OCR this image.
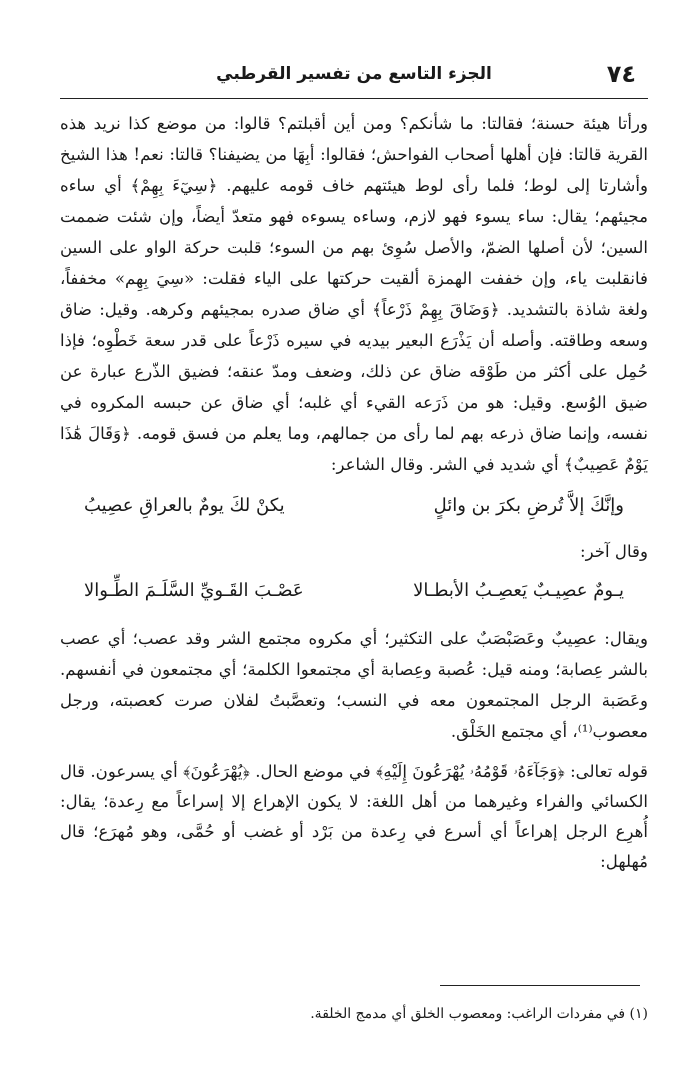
٧٤
الجزء التاسع من تفسير القرطبي

ورأتا هيئة حسنة؛ فقالتا: ما شأنكم؟ ومن أين أقبلتم؟ قالوا: من موضع كذا نريد هذه القرية قالتا: فإن أهلها أصحاب الفواحش؛ فقالوا: أبِهَا من يضيفنا؟ قالتا: نعم! هذا الشيخ وأشارتا إلى لوط؛ فلما رأى لوط هيئتهم خاف قومه عليهم. ﴿سِيٓءَ بِهِمْ﴾ أي ساءه مجيئهم؛ يقال: ساء يسوء فهو لازم، وساءه يسوءه فهو متعدّ أيضاً، وإن شئت ضممت السين؛ لأن أصلها الضمّ، والأصل سُوِئ بهم من السوء؛ قلبت حركة الواو على السين فانقلبت ياء، وإن خففت الهمزة ألقيت حركتها على الياء فقلت: «سِيَ بِهِم» مخففاً، ولغة شاذة بالتشديد. ﴿وَضَاقَ بِهِمْ ذَرْعاً﴾ أي ضاق صدره بمجيئهم وكرهه. وقيل: ضاق وسعه وطاقته. وأصله أن يَذْرَع البعير بيديه في سيره ذَرْعاً على قدر سعة خَطْوِه؛ فإذا حُمِل على أكثر من طَوْقه ضاق عن ذلك، وضعف ومدّ عنقه؛ فضيق الذّرع عبارة عن ضيق الوُسع. وقيل: هو من ذَرَعه القيء أي غلبه؛ أي ضاق عن حبسه المكروه في نفسه، وإنما ضاق ذرعه بهم لما رأى من جمالهم، وما يعلم من فسق قومه. ﴿وَقَالَ هَٰذَا يَوْمٌ عَصِيبٌ﴾ أي شديد في الشر. وقال الشاعر:

وإنَّكَ إلاَّ تُرضِ بكرَ بن وائلٍ
يكنْ لكَ يومٌ بالعراقِ عصِيبُ

وقال آخر:

يـومٌ عصِيـبٌ يَعصِـبُ الأبطـالا
عَصْـبَ القَـويِّ السَّلَـمَ الطِّـوالا

ويقال: عصِيبٌ وعَصَبْصَبٌ على التكثير؛ أي مكروه مجتمع الشر وقد عصب؛ أي عصب بالشر عِصابة؛ ومنه قيل: عُصبة وعِصابة أي مجتمعوا الكلمة؛ أي مجتمعون في أنفسهم. وعَصَبة الرجل المجتمعون معه في النسب؛ وتعصَّبتُ لفلان صرت كعصبته، ورجل معصوب⁽¹⁾، أي مجتمع الخَلْق.

قوله تعالى: ﴿وَجَآءَهُۥ قَوْمُهُۥ يُهْرَعُونَ إِلَيْهِ﴾ في موضع الحال. ﴿يُهْرَعُونَ﴾ أي يسرعون. قال الكسائي والفراء وغيرهما من أهل اللغة: لا يكون الإهراع إلا إسراعاً مع رِعدة؛ يقال: أُهرِع الرجل إهراعاً أي أسرع في رِعدة من بَرْد أو غضب أو حُمَّى، وهو مُهرَع؛ قال مُهلهل:

(١) في مفردات الراغب: ومعصوب الخلق أي مدمج الخلقة.
